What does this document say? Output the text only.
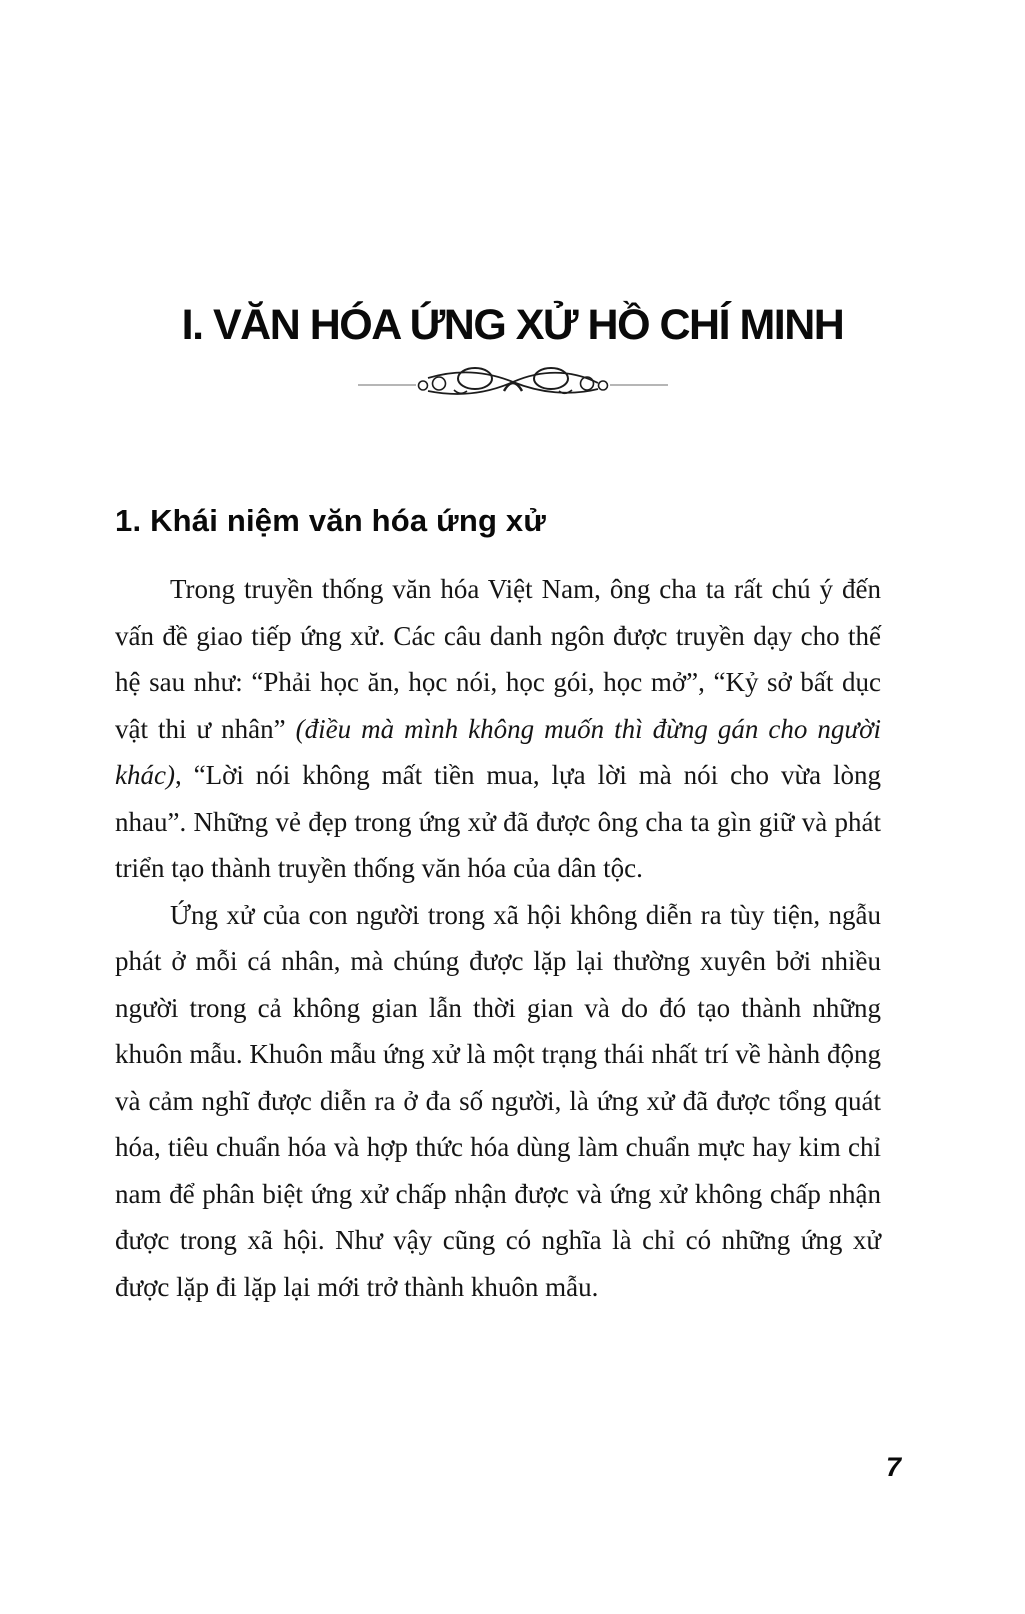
I. VĂN HÓA ỨNG XỬ HỒ CHÍ MINH
1. Khái niệm văn hóa ứng xử

Trong truyền thống văn hóa Việt Nam, ông cha ta rất chú ý đến vấn đề giao tiếp ứng xử. Các câu danh ngôn được truyền dạy cho thế hệ sau như: “Phải học ăn, học nói, học gói, học mở”, “Kỷ sở bất dục vật thi ư nhân” (điều mà mình không muốn thì đừng gán cho người khác), “Lời nói không mất tiền mua, lựa lời mà nói cho vừa lòng nhau”. Những vẻ đẹp trong ứng xử đã được ông cha ta gìn giữ và phát triển tạo thành truyền thống văn hóa của dân tộc.

Ứng xử của con người trong xã hội không diễn ra tùy tiện, ngẫu phát ở mỗi cá nhân, mà chúng được lặp lại thường xuyên bởi nhiều người trong cả không gian lẫn thời gian và do đó tạo thành những khuôn mẫu. Khuôn mẫu ứng xử là một trạng thái nhất trí về hành động và cảm nghĩ được diễn ra ở đa số người, là ứng xử đã được tổng quát hóa, tiêu chuẩn hóa và hợp thức hóa dùng làm chuẩn mực hay kim chỉ nam để phân biệt ứng xử chấp nhận được và ứng xử không chấp nhận được trong xã hội. Như vậy cũng có nghĩa là chỉ có những ứng xử được lặp đi lặp lại mới trở thành khuôn mẫu.

7
